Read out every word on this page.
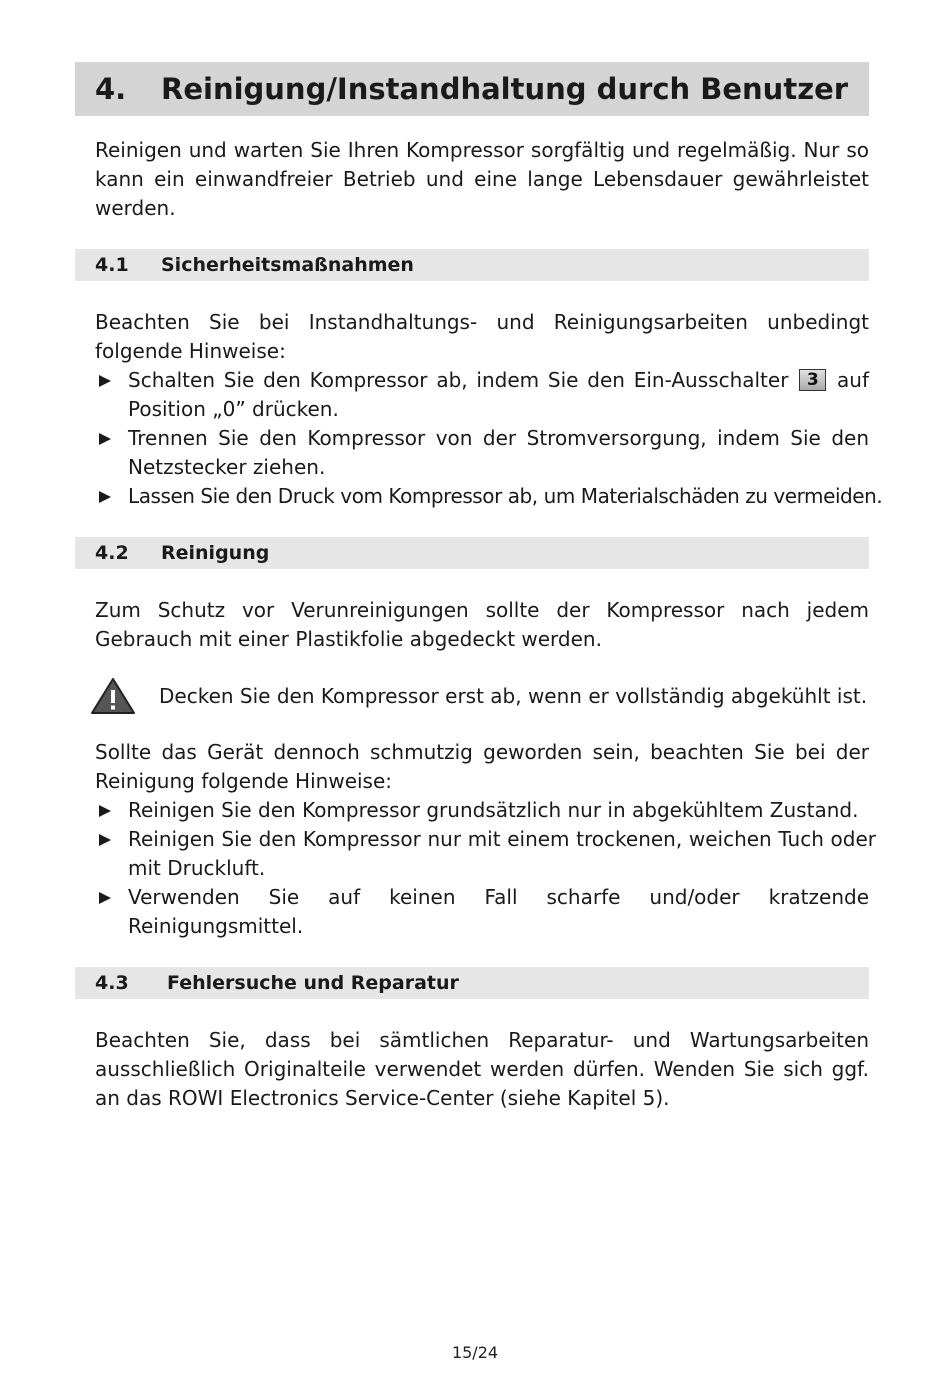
4.	Reinigung/Instandhaltung durch Benutzer

Reinigen und warten Sie Ihren Kompressor sorgfältig und regelmäßig. Nur so kann ein einwandfreier Betrieb und eine lange Lebensdauer gewährleistet werden.

4.1	Sicherheitsmaßnahmen

Beachten Sie bei Instandhaltungs- und Reinigungsarbeiten unbedingt folgende Hinweise:

Schalten Sie den Kompressor ab, indem Sie den Ein-Ausschalter 3 auf Position „0” drücken.
Trennen Sie den Kompressor von der Stromversorgung, indem Sie den Netzstecker ziehen.
Lassen Sie den Druck vom Kompressor ab, um Materialschäden zu vermeiden.
4.2	Reinigung

Zum Schutz vor Verunreinigungen sollte der Kompressor nach jedem Gebrauch mit einer Plastikfolie abgedeckt werden.

Decken Sie den Kompressor erst ab, wenn er vollständig abgekühlt ist.

Sollte das Gerät dennoch schmutzig geworden sein, beachten Sie bei der Reinigung folgende Hinweise:

Reinigen Sie den Kompressor grundsätzlich nur in abgekühltem Zustand.
Reinigen Sie den Kompressor nur mit einem trockenen, weichen Tuch oder mit Druckluft.
Verwenden Sie auf keinen Fall scharfe und/oder kratzende Reinigungsmittel.
4.3	Fehlersuche und Reparatur

Beachten Sie, dass bei sämtlichen Reparatur- und Wartungsarbeiten ausschließlich Originalteile verwendet werden dürfen. Wenden Sie sich ggf. an das ROWI Electronics Service-Center (siehe Kapitel 5).

15/24
